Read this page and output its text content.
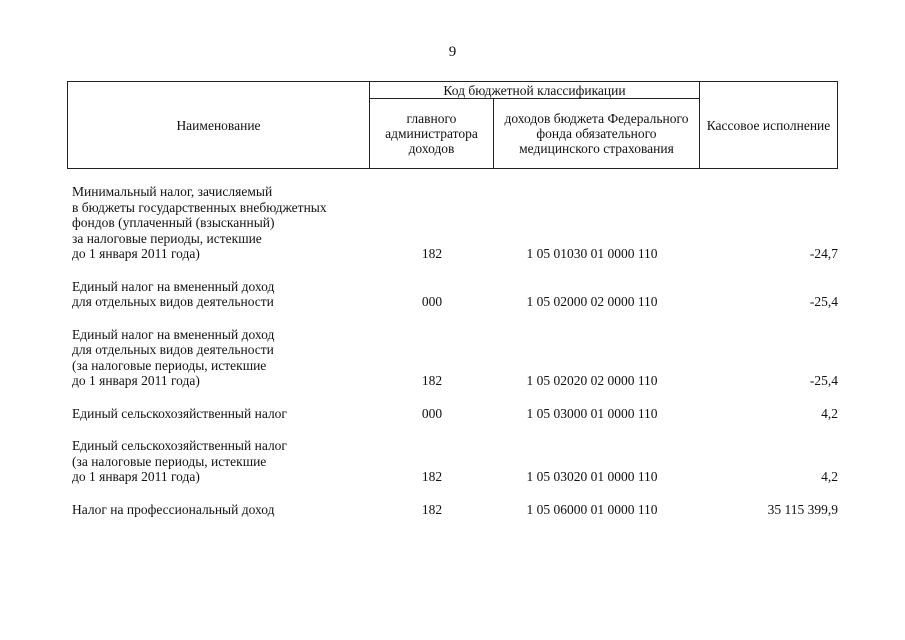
9
Наименование	Код бюджетной классификации		Кассовое исполнение
	главного администратора доходов	доходов бюджета Федерального фонда обязательного медицинского страхования	
Минимальный налог, зачисляемый
в бюджеты государственных внебюджетных
фондов (уплаченный (взысканный)
за налоговые периоды, истекшие
до 1 января 2011 года)	182	1 05 01030 01 0000 110	-24,7
Единый налог на вмененный доход
для отдельных видов деятельности	000	1 05 02000 02 0000 110	-25,4
Единый налог на вмененный доход
для отдельных видов деятельности
(за налоговые периоды, истекшие
до 1 января 2011 года)	182	1 05 02020 02 0000 110	-25,4
Единый сельскохозяйственный налог	000	1 05 03000 01 0000 110	4,2
Единый сельскохозяйственный налог
(за налоговые периоды, истекшие
до 1 января 2011 года)	182	1 05 03020 01 0000 110	4,2
Налог на профессиональный доход	182	1 05 06000 01 0000 110	35 115 399,9
